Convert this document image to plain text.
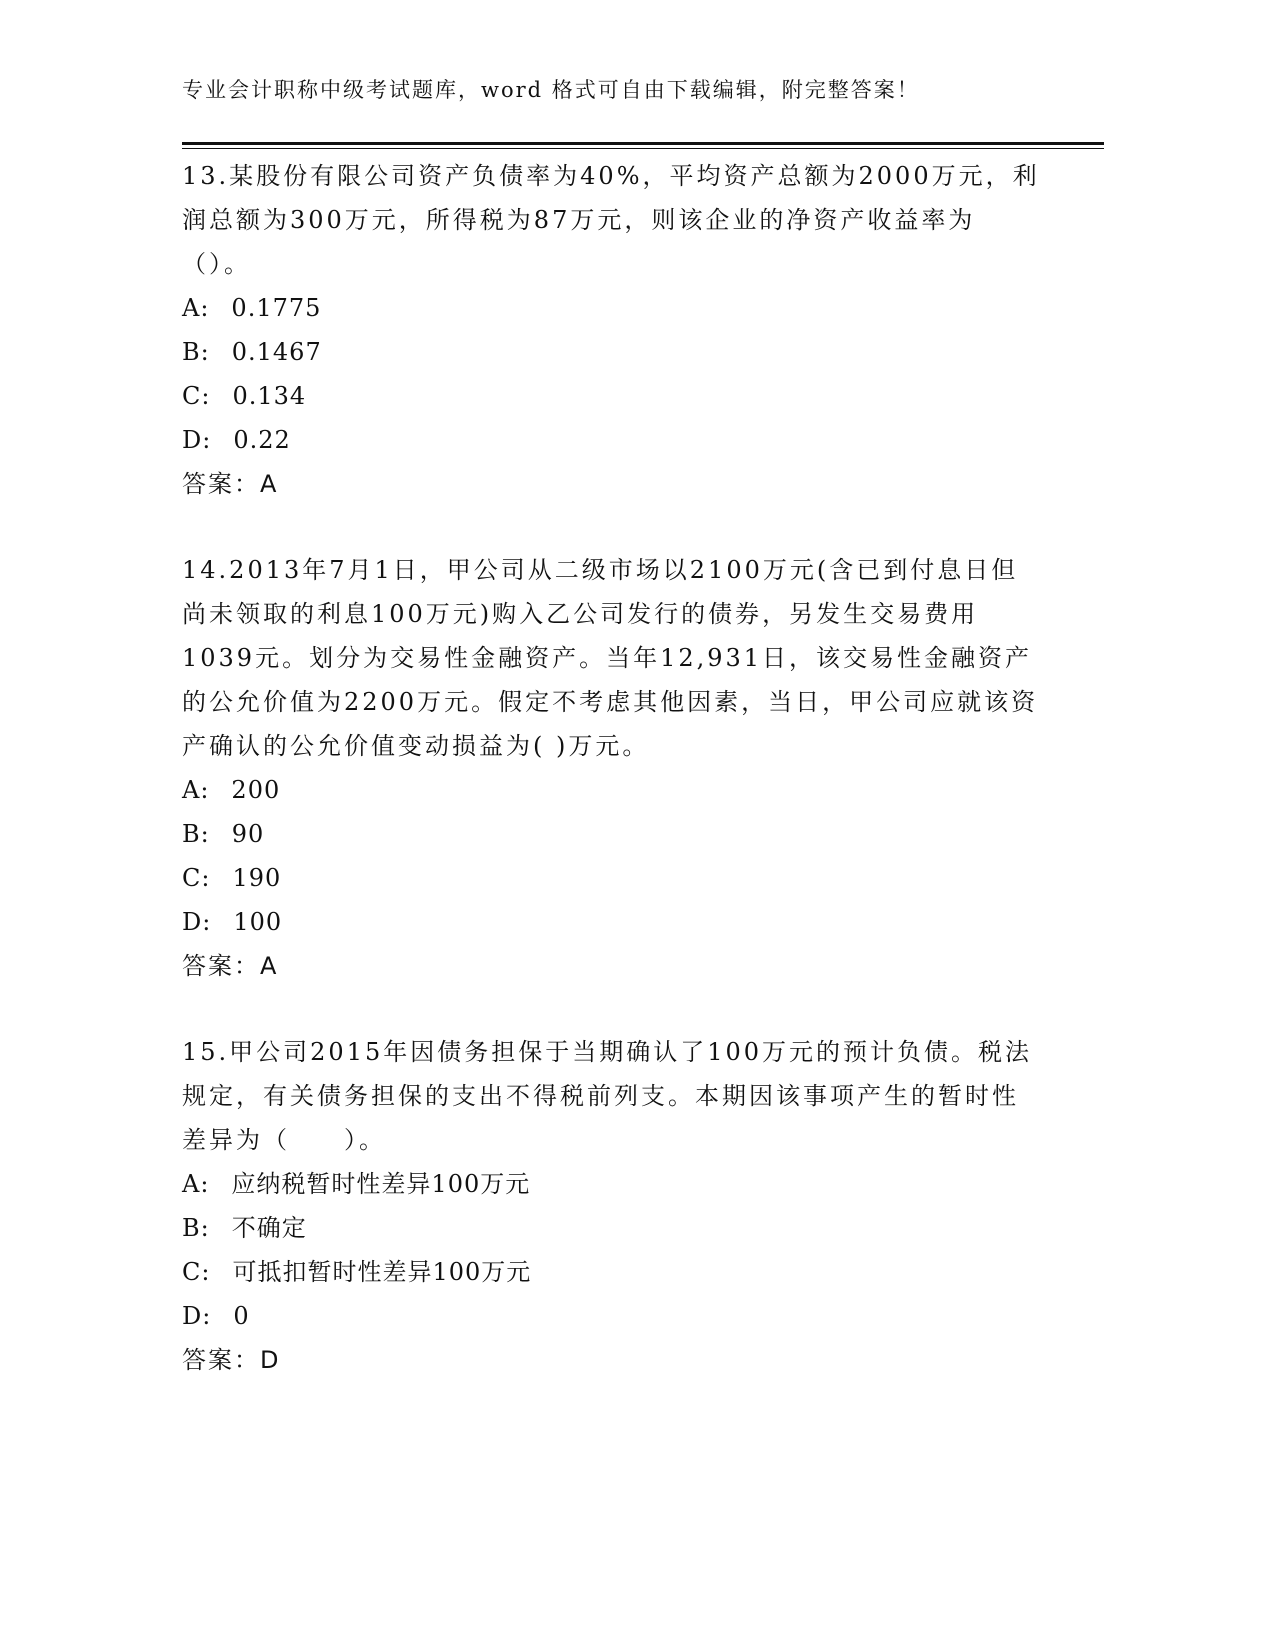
专业会计职称中级考试题库，word 格式可自由下载编辑，附完整答案！

13.某股份有限公司资产负债率为40%，平均资产总额为2000万元，利润总额为300万元，所得税为87万元，则该企业的净资产收益率为（）。

A: 0.1775

B: 0.1467

C: 0.134

D: 0.22

答案：A

14.2013年7月1日，甲公司从二级市场以2100万元(含已到付息日但尚未领取的利息100万元)购入乙公司发行的债券，另发生交易费用1039元。划分为交易性金融资产。当年12,931日，该交易性金融资产的公允价值为2200万元。假定不考虑其他因素，当日，甲公司应就该资产确认的公允价值变动损益为( )万元。

A: 200

B: 90

C: 190

D: 100

答案：A

15.甲公司2015年因债务担保于当期确认了100万元的预计负债。税法规定，有关债务担保的支出不得税前列支。本期因该事项产生的暂时性差异为（　　）。

A: 应纳税暂时性差异100万元

B: 不确定

C: 可抵扣暂时性差异100万元

D: 0

答案：D
